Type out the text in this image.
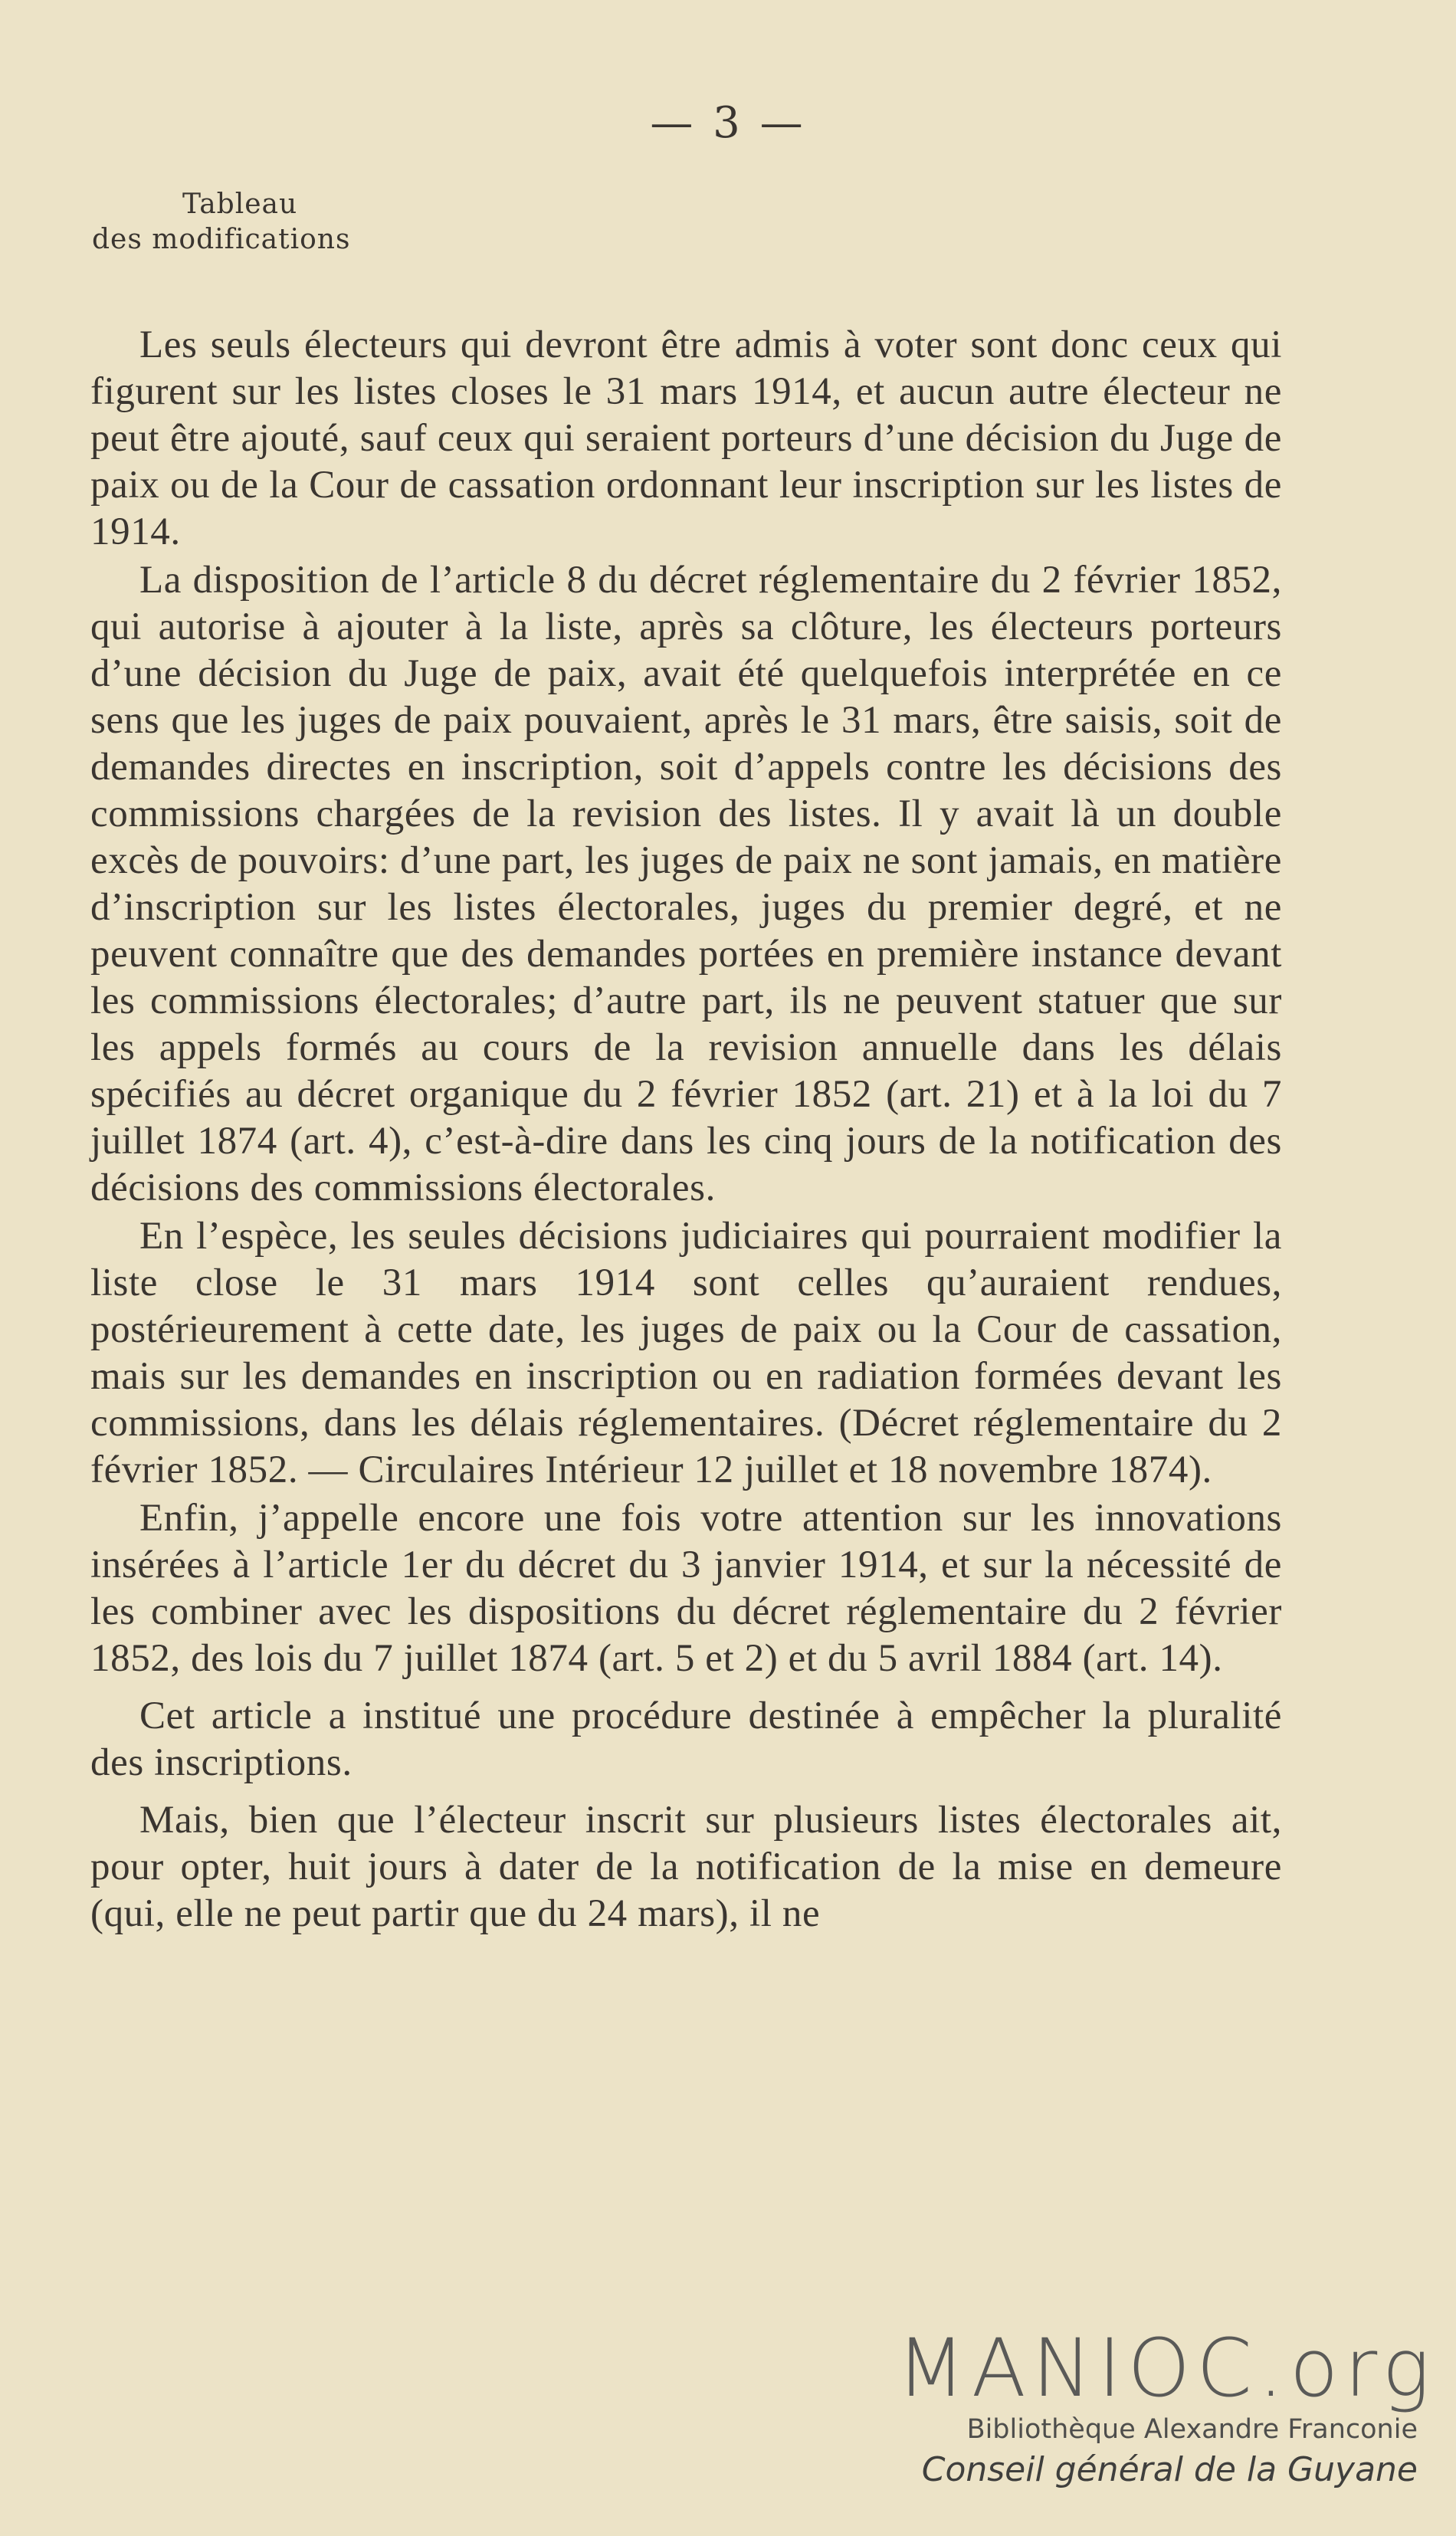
— 3 —
Tableau
des modifications

Les seuls électeurs qui devront être admis à voter sont donc ceux qui figurent sur les listes closes le 31 mars 1914, et aucun autre électeur ne peut être ajouté, sauf ceux qui seraient porteurs d’une décision du Juge de paix ou de la Cour de cassation ordonnant leur inscription sur les listes de 1914.

La disposition de l’article 8 du décret réglementaire du 2 février 1852, qui autorise à ajouter à la liste, après sa clôture, les électeurs porteurs d’une décision du Juge de paix, avait été quelquefois interprétée en ce sens que les juges de paix pouvaient, après le 31 mars, être saisis, soit de demandes directes en inscription, soit d’appels contre les décisions des commissions chargées de la revision des listes. Il y avait là un double excès de pouvoirs: d’une part, les juges de paix ne sont jamais, en matière d’inscription sur les listes électorales, juges du premier degré, et ne peuvent connaître que des demandes portées en première instance devant les commissions électorales; d’autre part, ils ne peuvent statuer que sur les appels formés au cours de la revision annuelle dans les délais spécifiés au décret organique du 2 février 1852 (art. 21) et à la loi du 7 juillet 1874 (art. 4), c’est-à-dire dans les cinq jours de la notification des décisions des commissions électorales.

En l’espèce, les seules décisions judiciaires qui pourraient modifier la liste close le 31 mars 1914 sont celles qu’auraient rendues, postérieurement à cette date, les juges de paix ou la Cour de cassation, mais sur les demandes en inscription ou en radiation formées devant les commissions, dans les délais réglementaires. (Décret réglementaire du 2 février 1852. — Circulaires Intérieur 12 juillet et 18 novembre 1874).

Enfin, j’appelle encore une fois votre attention sur les innovations insérées à l’article 1er du décret du 3 janvier 1914, et sur la nécessité de les combiner avec les dispositions du décret réglementaire du 2 février 1852, des lois du 7 juillet 1874 (art. 5 et 2) et du 5 avril 1884 (art. 14).

Cet article a institué une procédure destinée à empêcher la pluralité des inscriptions.

Mais, bien que l’électeur inscrit sur plusieurs listes électorales ait, pour opter, huit jours à dater de la notification de la mise en demeure (qui, elle ne peut partir que du 24 mars), il ne

MANIOC.org
Bibliothèque Alexandre Franconie
Conseil général de la Guyane
